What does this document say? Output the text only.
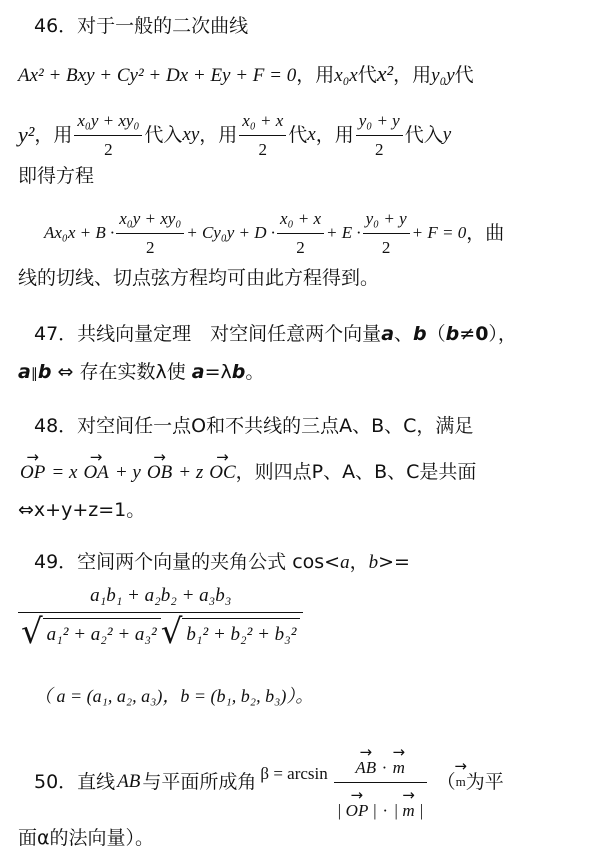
46．对于一般的二次曲线
Ax² + Bxy + Cy² + Dx + Ey + F = 0，用x₀x代x²，用y₀y代
y² ，用 $\frac{\text{x₀y + xy₀}}{2}$ 代入 xy ，用 $\frac{\text{x₀ + x}}{2}$ 代 x ，用 $\frac{\text{y₀ + y}}{2}$ 代入 y
即得方程
$Ax_0x + B \cdot \frac{\text{x₀y + xy₀}}{2} + Cy_0y + D \cdot \frac{\text{x₀ + x}}{2} + E \cdot \frac{\text{y₀ + y}}{2} + F = 0$ ，曲
线的切线、切点弦方程均可由此方程得到。
47．共线向量定理　对空间任意两个向量a、b（b≠0），
a∥b ⇔ 存在实数λ使 a=λb。
48．对空间任一点O和不共线的三点A、B、C，满足
→ OP = x → OA + y → OB + z → OC，则四点P、A、B、C是共面
⇔x+y+z=1。
49．空间两个向量的夹角公式 cos<a，b>=
$\frac{\text{a₁b₁ + a₂b₂ + a₃b₃}}{\text{√ a₁² + a₂² + a₃² √ b₁² + b₂² + b₃²}}$
（ a = (a₁, a₂, a₃)，b = (b₁, b₂, b₃)）。
50．直线 AB 与平面所成角 β = arcsin → AB · → m
→ | OP | · → | m | （ → m 为平
面α的法向量）。
